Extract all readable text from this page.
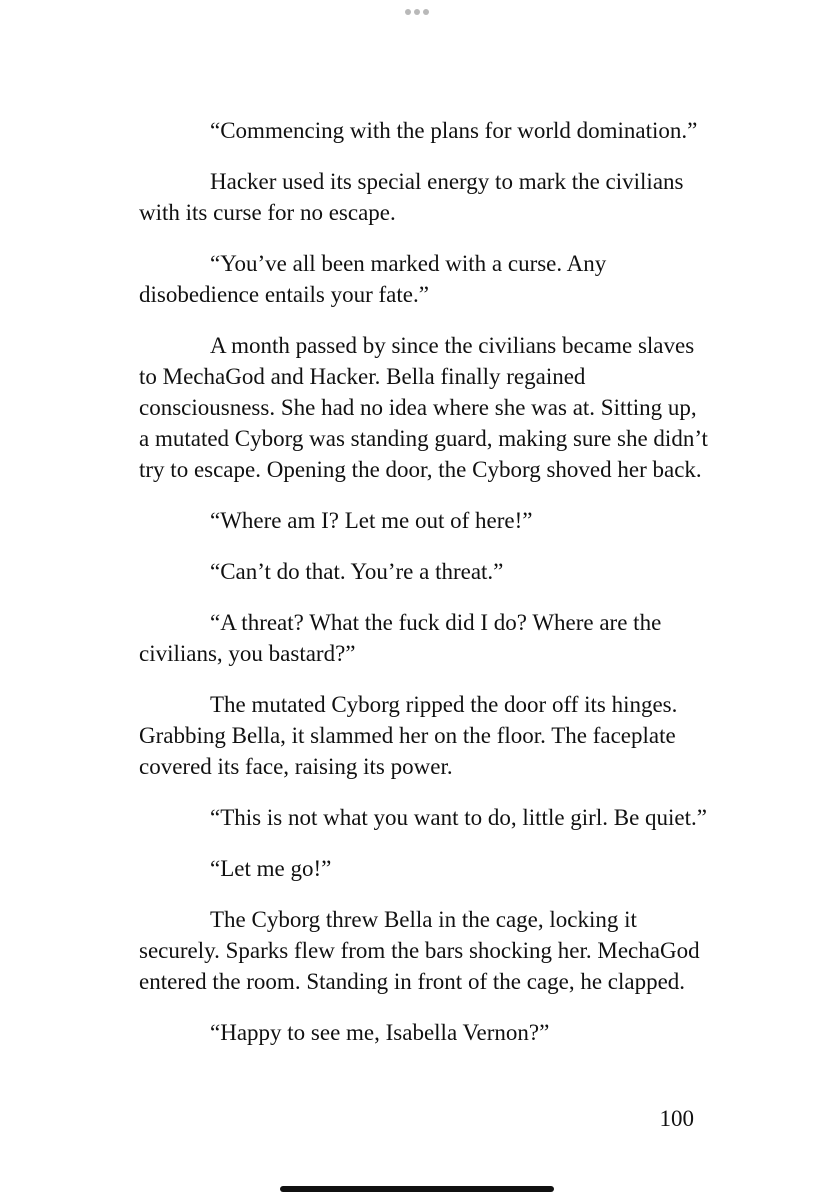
“Commencing with the plans for world domination.”

Hacker used its special energy to mark the civilians with its curse for no escape.

“You’ve all been marked with a curse. Any disobedience entails your fate.”

A month passed by since the civilians became slaves to MechaGod and Hacker. Bella finally regained consciousness. She had no idea where she was at. Sitting up, a mutated Cyborg was standing guard, making sure she didn’t try to escape. Opening the door, the Cyborg shoved her back.

“Where am I? Let me out of here!”

“Can’t do that. You’re a threat.”

“A threat? What the fuck did I do? Where are the civilians, you bastard?”

The mutated Cyborg ripped the door off its hinges. Grabbing Bella, it slammed her on the floor. The faceplate covered its face, raising its power.

“This is not what you want to do, little girl. Be quiet.”

“Let me go!”

The Cyborg threw Bella in the cage, locking it securely. Sparks flew from the bars shocking her. MechaGod entered the room. Standing in front of the cage, he clapped.

“Happy to see me, Isabella Vernon?”

100
